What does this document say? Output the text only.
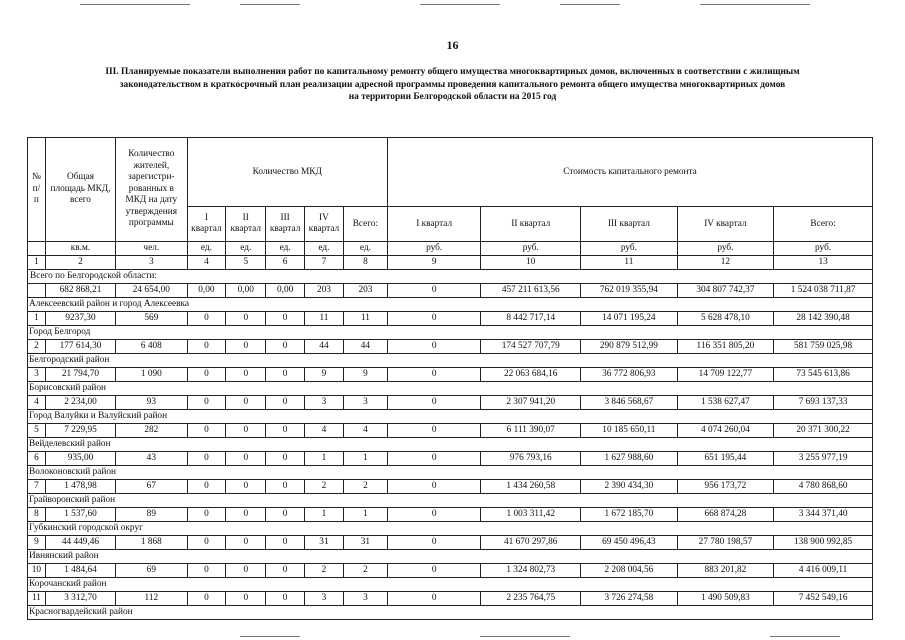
16
III. Планируемые показатели выполнения работ по капитальному ремонту общего имущества многоквартирных домов, включенных в соответствии с жилищным
законодательством в краткосрочный план реализации адресной программы проведения капитального ремонта общего имущества многоквартирных домов
на территории Белгородской области на 2015 год
№ п/п	Общая площадь МКД, всего	Количество жителей, зарегистри-рованных в МКД на дату утверждения программы	Количество МКД					Стоимость капитального ремонта				
			I квартал	II квартал	III квартал	IV квартал	Всего:	I квартал	II квартал	III квартал	IV квартал	Всего:
	кв.м.	чел.	ед.	ед.	ед.	ед.	ед.	руб.	руб.	руб.	руб.	руб.
1	2	3	4	5	6	7	8	9	10	11	12	13
Всего по Белгородской области:												
	682 868,21	24 654,00	0,00	0,00	0,00	203	203	0	457 211 613,56	762 019 355,94	304 807 742,37	1 524 038 711,87
Алексеевский район и город Алексеевка												
1	9237,30	569	0	0	0	11	11	0	8 442 717,14	14 071 195,24	5 628 478,10	28 142 390,48
Город Белгород												
2	177 614,30	6 408	0	0	0	44	44	0	174 527 707,79	290 879 512,99	116 351 805,20	581 759 025,98
Белгородский район												
3	21 794,70	1 090	0	0	0	9	9	0	22 063 684,16	36 772 806,93	14 709 122,77	73 545 613,86
Борисовский район												
4	2 234,00	93	0	0	0	3	3	0	2 307 941,20	3 846 568,67	1 538 627,47	7 693 137,33
Город Валуйки и Валуйский район												
5	7 229,95	282	0	0	0	4	4	0	6 111 390,07	10 185 650,11	4 074 260,04	20 371 300,22
Вейделевский район												
6	935,00	43	0	0	0	1	1	0	976 793,16	1 627 988,60	651 195,44	3 255 977,19
Волоконовский район												
7	1 478,98	67	0	0	0	2	2	0	1 434 260,58	2 390 434,30	956 173,72	4 780 868,60
Грайворонский район												
8	1 537,60	89	0	0	0	1	1	0	1 003 311,42	1 672 185,70	668 874,28	3 344 371,40
Губкинский городской округ												
9	44 449,46	1 868	0	0	0	31	31	0	41 670 297,86	69 450 496,43	27 780 198,57	138 900 992,85
Ивнянский район												
10	1 484,64	69	0	0	0	2	2	0	1 324 802,73	2 208 004,56	883 201,82	4 416 009,11
Корочанский район												
11	3 312,70	112	0	0	0	3	3	0	2 235 764,75	3 726 274,58	1 490 509,83	7 452 549,16
Красногвардейский район												
